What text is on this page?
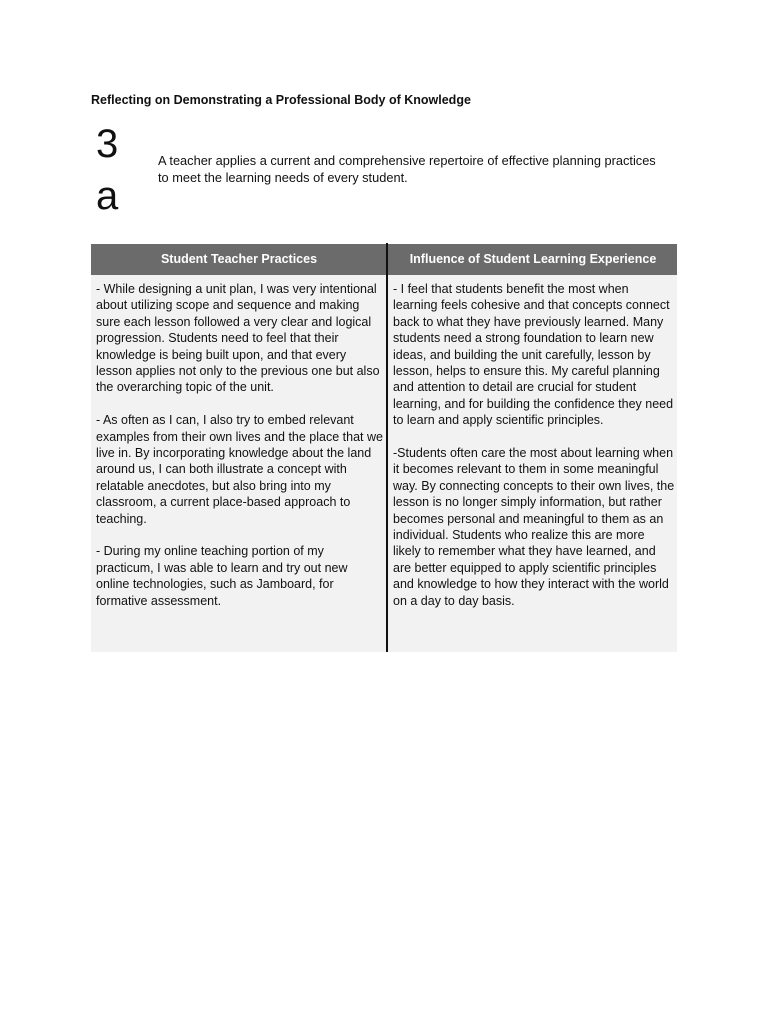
Reflecting on Demonstrating a Professional Body of Knowledge
3
a
A teacher applies a current and comprehensive repertoire of effective planning practices to meet the learning needs of every student.
Student Teacher Practices	Influence of Student Learning Experience

- While designing a unit plan, I was very intentional about utilizing scope and sequence and making sure each lesson followed a very clear and logical progression. Students need to feel that their knowledge is being built upon, and that every lesson applies not only to the previous one but also the overarching topic of the unit.

- As often as I can, I also try to embed relevant examples from their own lives and the place that we live in. By incorporating knowledge about the land around us, I can both illustrate a concept with relatable anecdotes, but also bring into my classroom, a current place-based approach to teaching.

- During my online teaching portion of my practicum, I was able to learn and try out new online technologies, such as Jamboard, for formative assessment.

- I feel that students benefit the most when learning feels cohesive and that concepts connect back to what they have previously learned. Many students need a strong foundation to learn new ideas, and building the unit carefully, lesson by lesson, helps to ensure this. My careful planning and attention to detail are crucial for student learning, and for building the confidence they need to learn and apply scientific principles.

-Students often care the most about learning when it becomes relevant to them in some meaningful way. By connecting concepts to their own lives, the lesson is no longer simply information, but rather becomes personal and meaningful to them as an individual. Students who realize this are more likely to remember what they have learned, and are better equipped to apply scientific principles and knowledge to how they interact with the world on a day to day basis.
